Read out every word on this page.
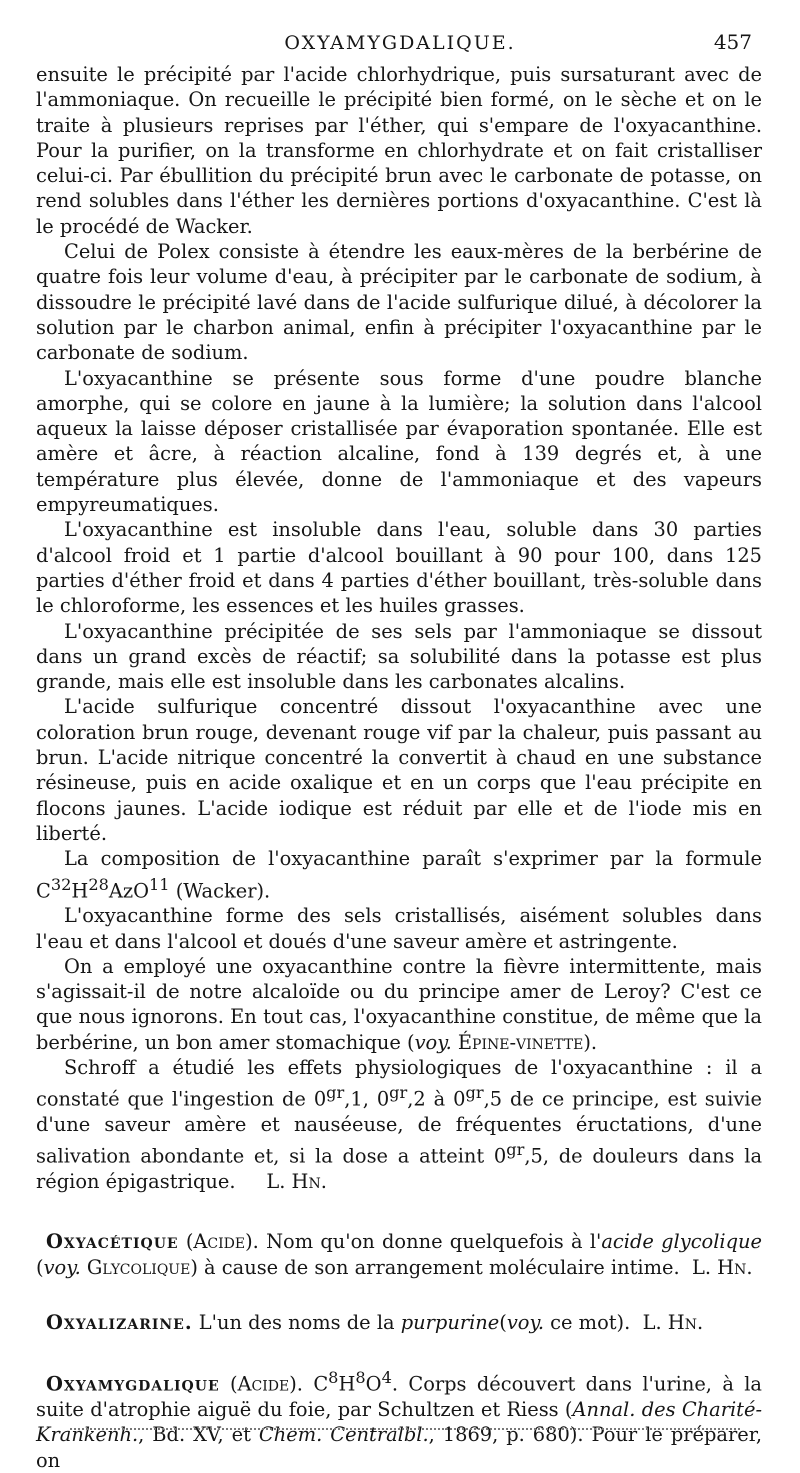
OXYAMYGDALIQUE.	457

ensuite le précipité par l'acide chlorhydrique, puis sursaturant avec de l'ammoniaque. On recueille le précipité bien formé, on le sèche et on le traite à plusieurs reprises par l'éther, qui s'empare de l'oxyacanthine. Pour la purifier, on la transforme en chlorhydrate et on fait cristalliser celui-ci. Par ébullition du précipité brun avec le carbonate de potasse, on rend solubles dans l'éther les dernières portions d'oxyacanthine. C'est là le procédé de Wacker.

Celui de Polex consiste à étendre les eaux-mères de la berbérine de quatre fois leur volume d'eau, à précipiter par le carbonate de sodium, à dissoudre le précipité lavé dans de l'acide sulfurique dilué, à décolorer la solution par le charbon animal, enfin à précipiter l'oxyacanthine par le carbonate de sodium.

L'oxyacanthine se présente sous forme d'une poudre blanche amorphe, qui se colore en jaune à la lumière; la solution dans l'alcool aqueux la laisse déposer cristallisée par évaporation spontanée. Elle est amère et âcre, à réaction alcaline, fond à 139 degrés et, à une température plus élevée, donne de l'ammoniaque et des vapeurs empyreumatiques.

L'oxyacanthine est insoluble dans l'eau, soluble dans 30 parties d'alcool froid et 1 partie d'alcool bouillant à 90 pour 100, dans 125 parties d'éther froid et dans 4 parties d'éther bouillant, très-soluble dans le chloroforme, les essences et les huiles grasses.

L'oxyacanthine précipitée de ses sels par l'ammoniaque se dissout dans un grand excès de réactif; sa solubilité dans la potasse est plus grande, mais elle est insoluble dans les carbonates alcalins.

L'acide sulfurique concentré dissout l'oxyacanthine avec une coloration brun rouge, devenant rouge vif par la chaleur, puis passant au brun. L'acide nitrique concentré la convertit à chaud en une substance résineuse, puis en acide oxalique et en un corps que l'eau précipite en flocons jaunes. L'acide iodique est réduit par elle et de l'iode mis en liberté.

La composition de l'oxyacanthine paraît s'exprimer par la formule $C^{32}H^{28}AzO^{11}$ (Wacker).

L'oxyacanthine forme des sels cristallisés, aisément solubles dans l'eau et dans l'alcool et doués d'une saveur amère et astringente.

On a employé une oxyacanthine contre la fièvre intermittente, mais s'agissait-il de notre alcaloïde ou du principe amer de Leroy? C'est ce que nous ignorons. En tout cas, l'oxyacanthine constitue, de même que la berbérine, un bon amer stomachique (voy. Épine-vinette).

Schroff a étudié les effets physiologiques de l'oxyacanthine : il a constaté que l'ingestion de $0^{gr},1$, $0^{gr},2$ à $0^{gr},5$ de ce principe, est suivie d'une saveur amère et nauséeuse, de fréquentes éructations, d'une salivation abondante et, si la dose a atteint $0^{gr},5$, de douleurs dans la région épigastrique. L. Hn.

Oxyacétique (Acide). Nom qu'on donne quelquefois à l'acide glycolique (voy. Glycolique) à cause de son arrangement moléculaire intime. L. Hn.

Oxyalizarine. L'un des noms de la purpurine(voy. ce mot). L. Hn.

Oxyamygdalique (Acide). $C^8H^8O^4$. Corps découvert dans l'urine, à la suite d'atrophie aiguë du foie, par Schultzen et Riess (Annal. des Charité-Krankenh., Bd. XV, et Chem. Centralbl., 1869, p. 680). Pour le préparer, on
